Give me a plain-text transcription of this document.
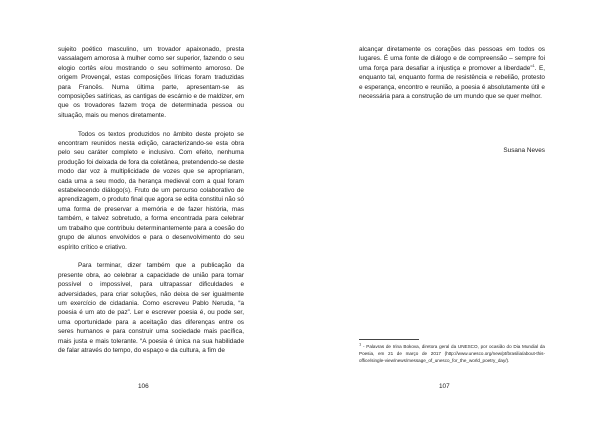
sujeito poético masculino, um trovador apaixonado, presta vassalagem amorosa à mulher como ser superior, fazendo o seu elogio cortês e/ou mostrando o seu sofrimento amoroso. De origem Provençal, estas composições líricas foram traduzidas para Francês. Numa última parte, apresentam-se as composições satíricas, as cantigas de escárnio e de maldizer, em que os trovadores fazem troça de determinada pessoa ou situação, mais ou menos diretamente.

Todos os textos produzidos no âmbito deste projeto se encontram reunidos nesta edição, caracterizando-se esta obra pelo seu caráter completo e inclusivo. Com efeito, nenhuma produção foi deixada de fora da coletânea, pretendendo-se deste modo dar voz à multiplicidade de vozes que se apropriaram, cada uma a seu modo, da herança medieval com a qual foram estabelecendo diálogo(s). Fruto de um percurso colaborativo de aprendizagem, o produto final que agora se edita constitui não só uma forma de preservar a memória e de fazer história, mas também, e talvez sobretudo, a forma encontrada para celebrar um trabalho que contribuiu determinantemente para a coesão do grupo de alunos envolvidos e para o desenvolvimento do seu espírito crítico e criativo.

Para terminar, dizer também que a publicação da presente obra, ao celebrar a capacidade de união para tornar possível o impossível, para ultrapassar dificuldades e adversidades, para criar soluções, não deixa de ser igualmente um exercício de cidadania. Como escreveu Pablo Neruda, “a poesia é um ato de paz”. Ler e escrever poesia é, ou pode ser, uma oportunidade para a aceitação das diferenças entre os seres humanos e para construir uma sociedade mais pacífica, mais justa e mais tolerante. “A poesia é única na sua habilidade de falar através do tempo, do espaço e da cultura, a fim de

106

alcançar diretamente os corações das pessoas em todos os lugares. É uma fonte de diálogo e de compreensão – sempre foi uma força para desafiar a injustiça e promover a liberdade”$^1$. E, enquanto tal, enquanto forma de resistência e rebelião, protesto e esperança, encontro e reunião, a poesia é absolutamente útil e necessária para a construção de um mundo que se quer melhor.

Susana Neves
$^1$ - Palavras de Irina Bokova, diretora geral da UNESCO, por ocasião do Dia Mundial da Poesia, em 21 de março de 2017 (http://www.unesco.org/new/pt/brasilia/about-this-office/single-view/news/message_of_unesco_for_the_world_poetry_day/).
107
